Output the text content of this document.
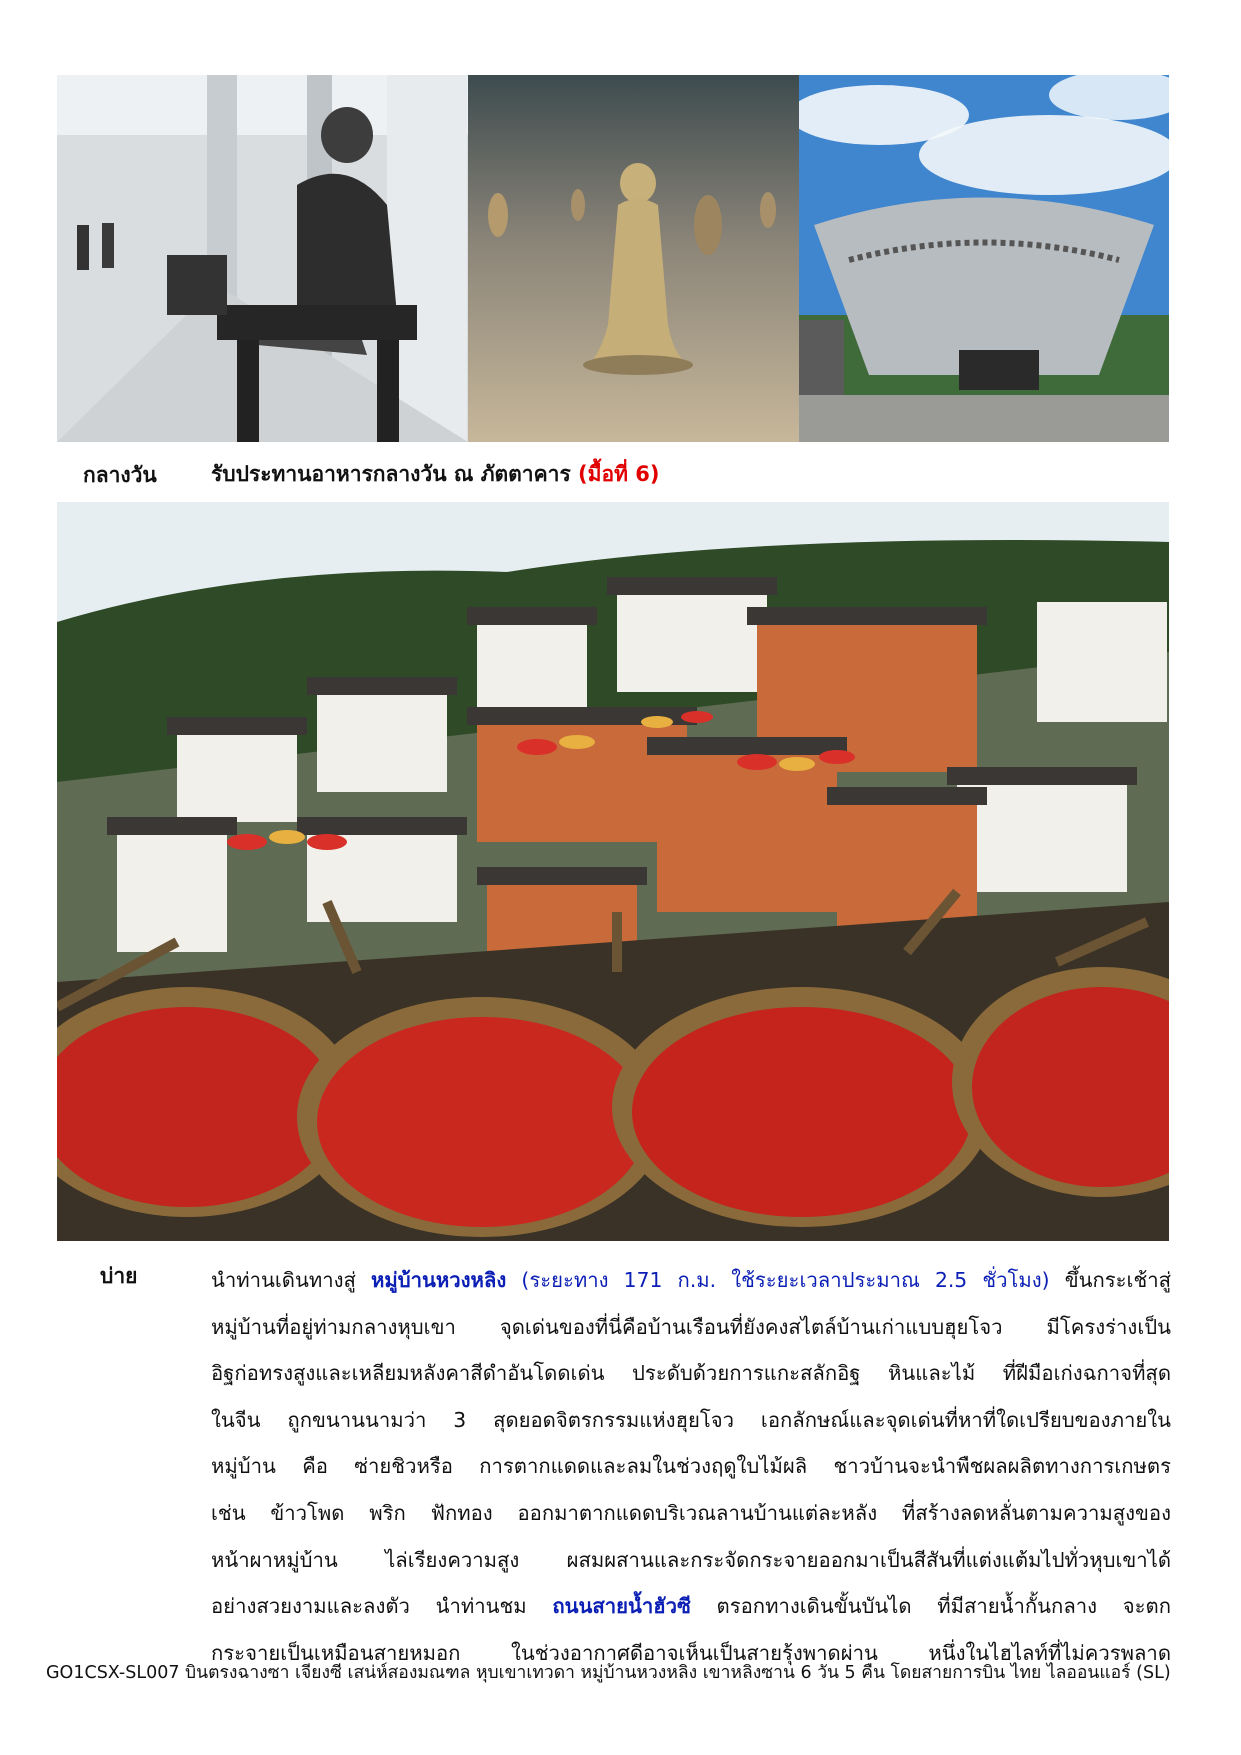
กลางวัน	รับประทานอาหารกลางวัน ณ ภัตตาคาร (มื้อที่ 6)
บ่าย	นำท่านเดินทางสู่ หมู่บ้านหวงหลิง (ระยะทาง 171 ก.ม. ใช้ระยะเวลาประมาณ 2.5 ชั่วโมง) ขึ้นกระเช้าสู่
หมู่บ้านที่อยู่ท่ามกลางหุบเขา จุดเด่นของที่นี่คือบ้านเรือนที่ยังคงสไตล์บ้านเก่าแบบฮุยโจว มีโครงร่างเป็น
อิฐก่อทรงสูงและเหลียมหลังคาสีดำอันโดดเด่น ประดับด้วยการแกะสลักอิฐ หินและไม้ ที่ฝีมือเก่งฉกาจที่สุด
ในจีน ถูกขนานนามว่า 3 สุดยอดจิตรกรรมแห่งฮุยโจว เอกลักษณ์และจุดเด่นที่หาที่ใดเปรียบของภายใน
หมู่บ้าน คือ ซ่ายชิวหรือ การตากแดดและลมในช่วงฤดูใบไม้ผลิ ชาวบ้านจะนำพืชผลผลิตทางการเกษตร
เช่น ข้าวโพด พริก ฟักทอง ออกมาตากแดดบริเวณลานบ้านแต่ละหลัง ที่สร้างลดหลั่นตามความสูงของ
หน้าผาหมู่บ้าน ไล่เรียงความสูง ผสมผสานและกระจัดกระจายออกมาเป็นสีสันที่แต่งแต้มไปทั่วหุบเขาได้
อย่างสวยงามและลงตัว นำท่านชม ถนนสายน้ำฮัวซี ตรอกทางเดินขั้นบันได ที่มีสายน้ำกั้นกลาง จะตก
กระจายเป็นเหมือนสายหมอก ในช่วงอากาศดีอาจเห็นเป็นสายรุ้งพาดผ่าน หนึ่งในไฮไลท์ที่ไม่ควรพลาด
GO1CSX-SL007 บินตรงฉางซา เจียงซี เสน่ห์สองมณฑล หุบเขาเทวดา หมู่บ้านหวงหลิง เขาหลิงซาน 6 วัน 5 คืน โดยสายการบิน ไทย ไลออนแอร์ (SL)
